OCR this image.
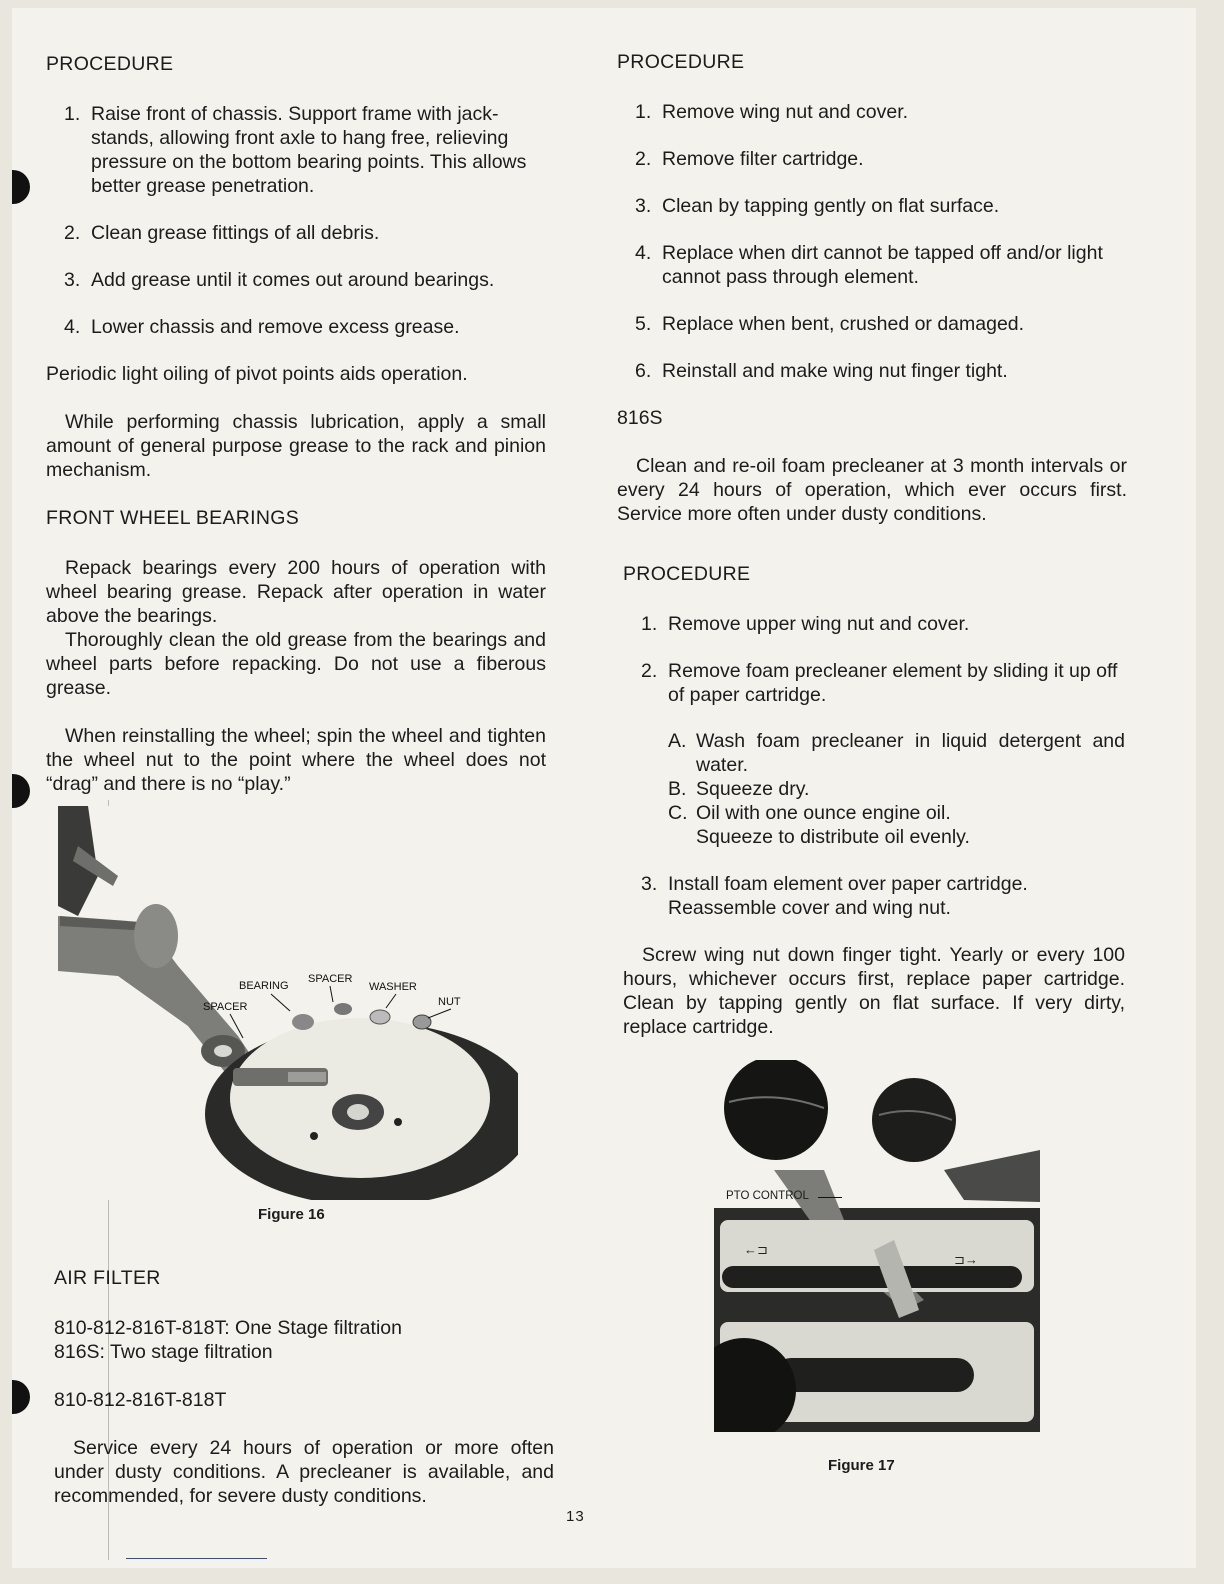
PROCEDURE
1. Raise front of chassis. Support frame with jack-stands, allowing front axle to hang free, relieving pressure on the bottom bearing points. This allows better grease penetration.
2. Clean grease fittings of all debris.
3. Add grease until it comes out around bearings.
4. Lower chassis and remove excess grease.
Periodic light oiling of pivot points aids operation.
While performing chassis lubrication, apply a small amount of general purpose grease to the rack and pinion mechanism.
FRONT WHEEL BEARINGS
Repack bearings every 200 hours of operation with wheel bearing grease. Repack after operation in water above the bearings.
Thoroughly clean the old grease from the bearings and wheel parts before repacking. Do not use a fiberous grease.
When reinstalling the wheel; spin the wheel and tighten the wheel nut to the point where the wheel does not “drag” and there is no “play.”
BEARING
SPACER
WASHER
NUT
SPACER
Figure 16
AIR FILTER
810-812-816T-818T: One Stage filtration
816S: Two stage filtration
810-812-816T-818T
Service every 24 hours of operation or more often under dusty conditions. A precleaner is available, and recommended, for severe dusty conditions.
PROCEDURE
1. Remove wing nut and cover.
2. Remove filter cartridge.
3. Clean by tapping gently on flat surface.
4. Replace when dirt cannot be tapped off and/or light cannot pass through element.
5. Replace when bent, crushed or damaged.
6. Reinstall and make wing nut finger tight.
816S
Clean and re-oil foam precleaner at 3 month intervals or every 24 hours of operation, which ever occurs first. Service more often under dusty conditions.
PROCEDURE
1. Remove upper wing nut and cover.
2. Remove foam precleaner element by sliding it up off of paper cartridge.
A. Wash foam precleaner in liquid detergent and water.
B. Squeeze dry.
C. Oil with one ounce engine oil.
Squeeze to distribute oil evenly.
3. Install foam element over paper cartridge. Reassemble cover and wing nut.
Screw wing nut down finger tight. Yearly or every 100 hours, whichever occurs first, replace paper cartridge. Clean by tapping gently on flat surface. If very dirty, replace cartridge.
←⊐
⊐→
PTO CONTROL
Figure 17
13
